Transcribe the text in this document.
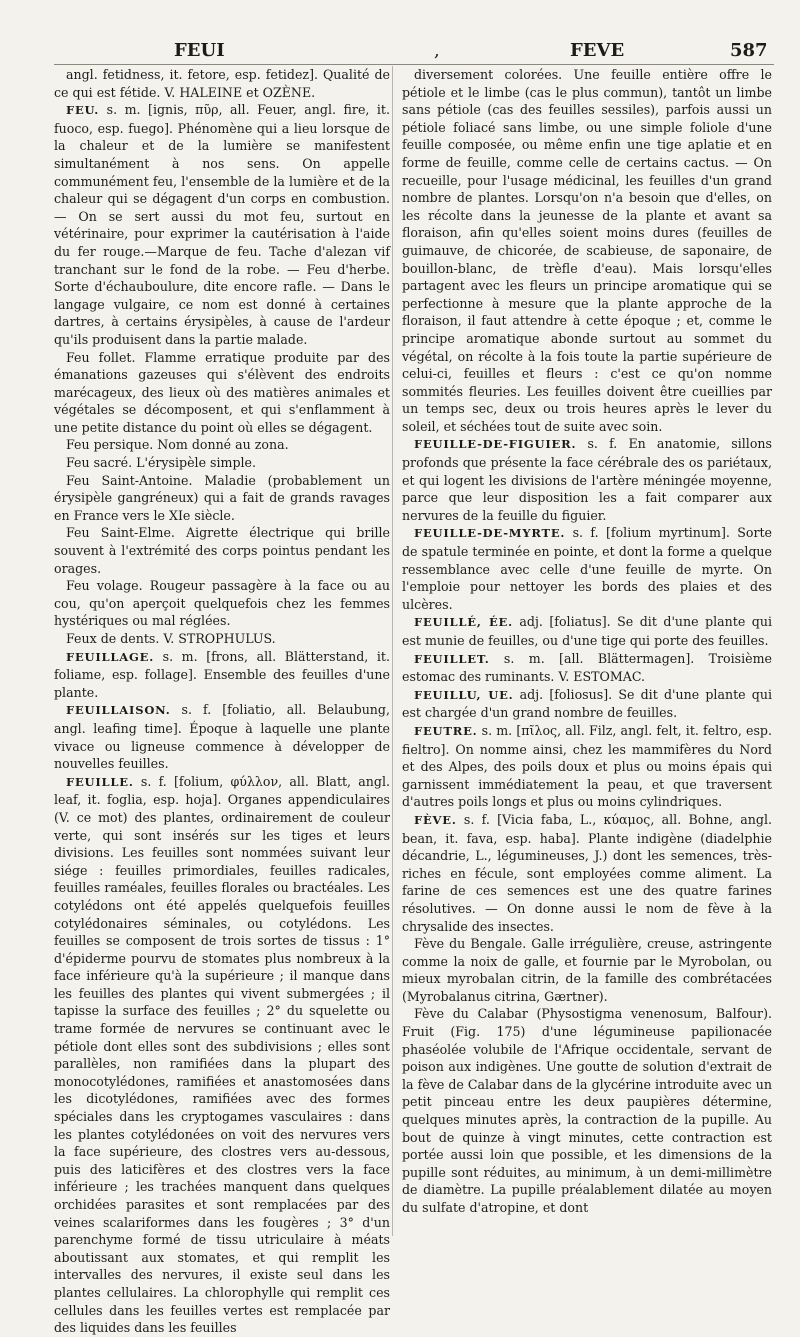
FEUI	,	FEVE	587

angl. fetidness, it. fetore, esp. fetidez]. Qualité de ce qui est fétide. V. HALEINE et OZÈNE.

FEU. s. m. [ignis, πῦρ, all. Feuer, angl. fire, it. fuoco, esp. fuego]. Phénomène qui a lieu lorsque de la chaleur et de la lumière se manifestent simultanément à nos sens. On appelle communément feu, l'ensemble de la lumière et de la chaleur qui se dégagent d'un corps en combustion. — On se sert aussi du mot feu, surtout en vétérinaire, pour exprimer la cautérisation à l'aide du fer rouge.—Marque de feu. Tache d'alezan vif tranchant sur le fond de la robe. — Feu d'herbe. Sorte d'échauboulure, dite encore rafle. — Dans le langage vulgaire, ce nom est donné à certaines dartres, à certains érysipèles, à cause de l'ardeur qu'ils produisent dans la partie malade.

Feu follet. Flamme erratique produite par des émanations gazeuses qui s'élèvent des endroits marécageux, des lieux où des matières animales et végétales se décomposent, et qui s'enflamment à une petite distance du point où elles se dégagent.

Feu persique. Nom donné au zona.

Feu sacré. L'érysipèle simple.

Feu Saint-Antoine. Maladie (probablement un érysipèle gangréneux) qui a fait de grands ravages en France vers le XIe siècle.

Feu Saint-Elme. Aigrette électrique qui brille souvent à l'extrémité des corps pointus pendant les orages.

Feu volage. Rougeur passagère à la face ou au cou, qu'on aperçoit quelquefois chez les femmes hystériques ou mal réglées.

Feux de dents. V. STROPHULUS.

FEUILLAGE. s. m. [frons, all. Blätterstand, it. foliame, esp. follage]. Ensemble des feuilles d'une plante.

FEUILLAISON. s. f. [foliatio, all. Belaubung, angl. leafing time]. Époque à laquelle une plante vivace ou ligneuse commence à développer de nouvelles feuilles.

FEUILLE. s. f. [folium, φύλλον, all. Blatt, angl. leaf, it. foglia, esp. hoja]. Organes appendiculaires (V. ce mot) des plantes, ordinairement de couleur verte, qui sont insérés sur les tiges et leurs divisions. Les feuilles sont nommées suivant leur siége : feuilles primordiales, feuilles radicales, feuilles raméales, feuilles florales ou bractéales. Les cotylédons ont été appelés quelquefois feuilles cotylédonaires séminales, ou cotylédons. Les feuilles se composent de trois sortes de tissus : 1° d'épiderme pourvu de stomates plus nombreux à la face inférieure qu'à la supérieure ; il manque dans les feuilles des plantes qui vivent submergées ; il tapisse la surface des feuilles ; 2° du squelette ou trame formée de nervures se continuant avec le pétiole dont elles sont des subdivisions ; elles sont parallèles, non ramifiées dans la plupart des monocotylédones, ramifiées et anastomosées dans les dicotylédones, ramifiées avec des formes spéciales dans les cryptogames vasculaires : dans les plantes cotylédonées on voit des nervures vers la face supérieure, des clostres vers au-dessous, puis des laticifères et des clostres vers la face inférieure ; les trachées manquent dans quelques orchidées parasites et sont remplacées par des veines scalariformes dans les fougères ; 3° d'un parenchyme formé de tissu utriculaire à méats aboutissant aux stomates, et qui remplit les intervalles des nervures, il existe seul dans les plantes cellulaires. La chlorophylle qui remplit ces cellules dans les feuilles vertes est remplacée par des liquides dans les feuilles

diversement colorées. Une feuille entière offre le pétiole et le limbe (cas le plus commun), tantôt un limbe sans pétiole (cas des feuilles sessiles), parfois aussi un pétiole foliacé sans limbe, ou une simple foliole d'une feuille composée, ou même enfin une tige aplatie et en forme de feuille, comme celle de certains cactus. — On recueille, pour l'usage médicinal, les feuilles d'un grand nombre de plantes. Lorsqu'on n'a besoin que d'elles, on les récolte dans la jeunesse de la plante et avant sa floraison, afin qu'elles soient moins dures (feuilles de guimauve, de chicorée, de scabieuse, de saponaire, de bouillon-blanc, de trèfle d'eau). Mais lorsqu'elles partagent avec les fleurs un principe aromatique qui se perfectionne à mesure que la plante approche de la floraison, il faut attendre à cette époque ; et, comme le principe aromatique abonde surtout au sommet du végétal, on récolte à la fois toute la partie supérieure de celui-ci, feuilles et fleurs : c'est ce qu'on nomme sommités fleuries. Les feuilles doivent être cueillies par un temps sec, deux ou trois heures après le lever du soleil, et séchées tout de suite avec soin.

FEUILLE-DE-FIGUIER. s. f. En anatomie, sillons profonds que présente la face cérébrale des os pariétaux, et qui logent les divisions de l'artère méningée moyenne, parce que leur disposition les a fait comparer aux nervures de la feuille du figuier.

FEUILLE-DE-MYRTE. s. f. [folium myrtinum]. Sorte de spatule terminée en pointe, et dont la forme a quelque ressemblance avec celle d'une feuille de myrte. On l'emploie pour nettoyer les bords des plaies et des ulcères.

FEUILLÉ, ÉE. adj. [foliatus]. Se dit d'une plante qui est munie de feuilles, ou d'une tige qui porte des feuilles.

FEUILLET. s. m. [all. Blättermagen]. Troisième estomac des ruminants. V. ESTOMAC.

FEUILLU, UE. adj. [foliosus]. Se dit d'une plante qui est chargée d'un grand nombre de feuilles.

FEUTRE. s. m. [πῖλος, all. Filz, angl. felt, it. feltro, esp. fieltro]. On nomme ainsi, chez les mammifères du Nord et des Alpes, des poils doux et plus ou moins épais qui garnissent immédiatement la peau, et que traversent d'autres poils longs et plus ou moins cylindriques.

FÈVE. s. f. [Vicia faba, L., κύαμος, all. Bohne, angl. bean, it. fava, esp. haba]. Plante indigène (diadelphie décandrie, L., légumineuses, J.) dont les semences, très-riches en fécule, sont employées comme aliment. La farine de ces semences est une des quatre farines résolutives. — On donne aussi le nom de fève à la chrysalide des insectes.

Fève du Bengale. Galle irrégulière, creuse, astringente comme la noix de galle, et fournie par le Myrobolan, ou mieux myrobalan citrin, de la famille des combrétacées (Myrobalanus citrina, Gærtner).

Fève du Calabar (Physostigma venenosum, Balfour). Fruit (Fig. 175) d'une légumineuse papilionacée phaséolée volubile de l'Afrique occidentale, servant de poison aux indigènes. Une goutte de solution d'extrait de la fève de Calabar dans de la glycérine introduite avec un petit pinceau entre les deux paupières détermine, quelques minutes après, la contraction de la pupille. Au bout de quinze à vingt minutes, cette contraction est portée aussi loin que possible, et les dimensions de la pupille sont réduites, au minimum, à un demi-millimètre de diamètre. La pupille préalablement dilatée au moyen du sulfate d'atropine, et dont
